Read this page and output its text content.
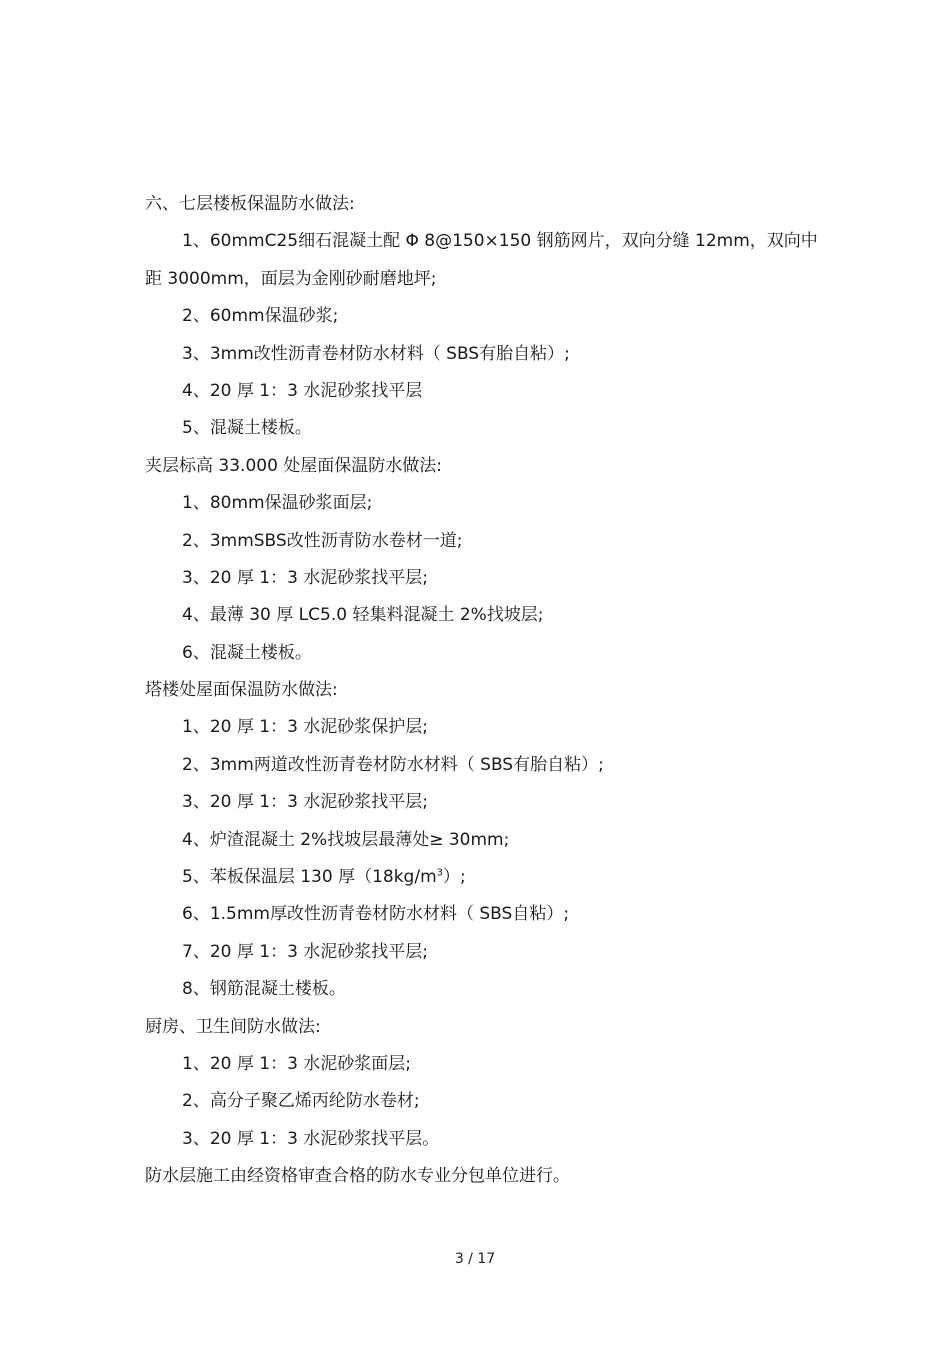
六、七层楼板保温防水做法:
1、60mmC25细石混凝土配 Φ 8@150×150 钢筋网片，双向分缝 12mm，双向中
距 3000mm，面层为金刚砂耐磨地坪;
2、60mm保温砂浆;
3、3mm改性沥青卷材防水材料（ SBS有胎自粘）;
4、20 厚 1：3 水泥砂浆找平层
5、混凝土楼板。
夹层标高 33.000 处屋面保温防水做法:
1、80mm保温砂浆面层;
2、3mmSBS改性沥青防水卷材一道;
3、20 厚 1：3 水泥砂浆找平层;
4、最薄 30 厚 LC5.0 轻集料混凝土 2%找坡层;
6、混凝土楼板。
塔楼处屋面保温防水做法:
1、20 厚 1：3 水泥砂浆保护层;
2、3mm两道改性沥青卷材防水材料（ SBS有胎自粘）;
3、20 厚 1：3 水泥砂浆找平层;
4、炉渣混凝土 2%找坡层最薄处≥ 30mm;
5、苯板保温层 130 厚$(18kg/m^3)$;
6、1.5mm厚改性沥青卷材防水材料（ SBS自粘）;
7、20 厚 1：3 水泥砂浆找平层;
8、钢筋混凝土楼板。
厨房、卫生间防水做法:
1、20 厚 1：3 水泥砂浆面层;
2、高分子聚乙烯丙纶防水卷材;
3、20 厚 1：3 水泥砂浆找平层。
防水层施工由经资格审查合格的防水专业分包单位进行。
3 / 17
